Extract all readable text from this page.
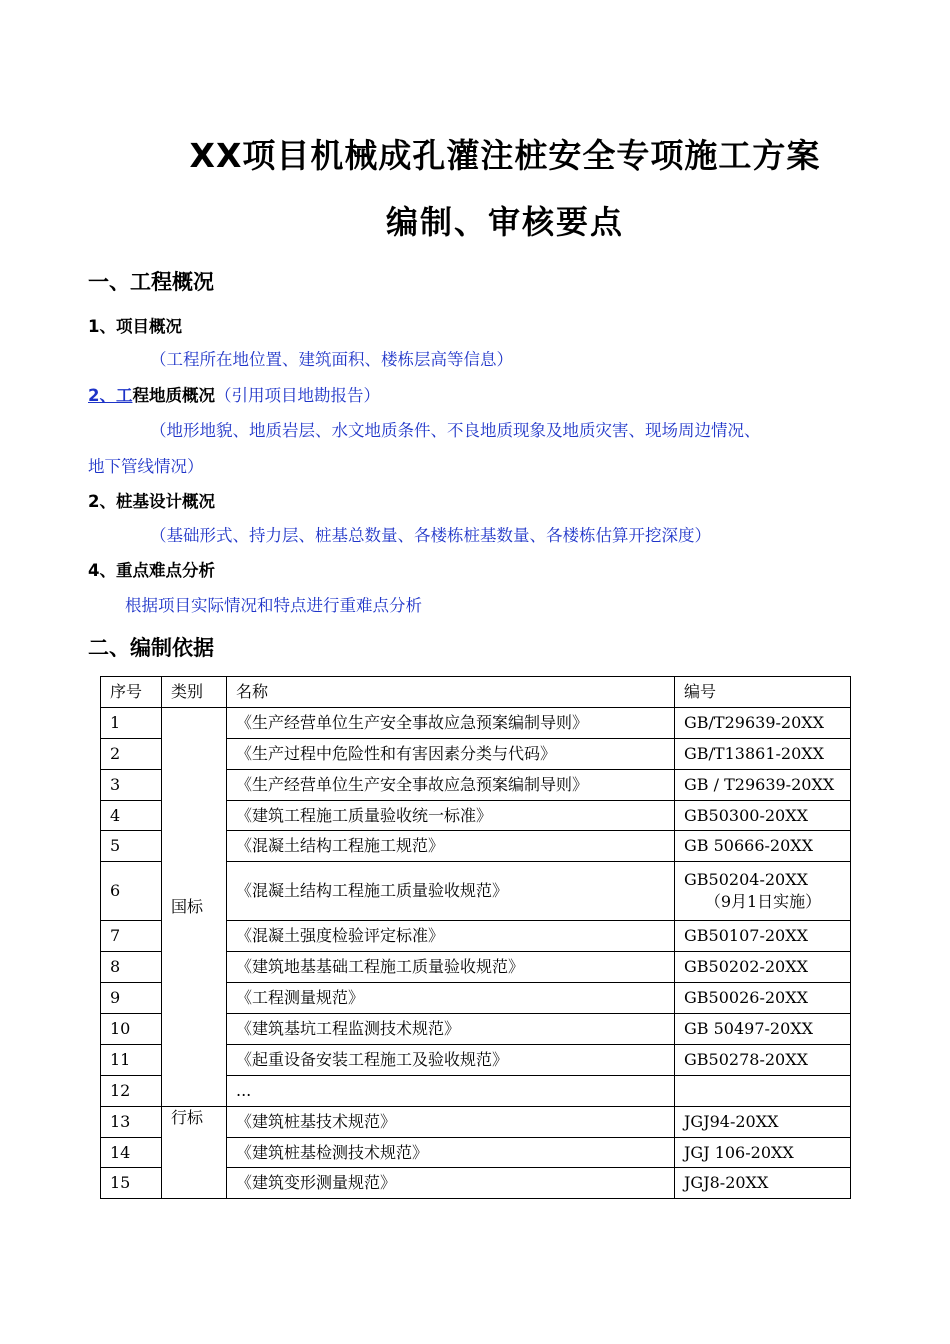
XX项目机械成孔灌注桩安全专项施工方案
编制、审核要点
一、工程概况
1、项目概况
（工程所在地位置、建筑面积、楼栋层高等信息）
2、工程地质概况（引用项目地勘报告）
（地形地貌、地质岩层、水文地质条件、不良地质现象及地质灾害、现场周边情况、
地下管线情况）
2、桩基设计概况
（基础形式、持力层、桩基总数量、各楼栋桩基数量、各楼栋估算开挖深度）
4、重点难点分析
根据项目实际情况和特点进行重难点分析
二、编制依据
序号	类别	名称	编号
1	国标	《生产经营单位生产安全事故应急预案编制导则》	GB/T29639-20XX
2		《生产过程中危险性和有害因素分类与代码》	GB/T13861-20XX
3		《生产经营单位生产安全事故应急预案编制导则》	GB / T29639-20XX
4		《建筑工程施工质量验收统一标准》	GB50300-20XX
5		《混凝土结构工程施工规范》	GB 50666-20XX
6		《混凝土结构工程施工质量验收规范》	GB50204-20XX
（9月1日实施）

7		《混凝土强度检验评定标准》	GB50107-20XX
8		《建筑地基基础工程施工质量验收规范》	GB50202-20XX
9		《工程测量规范》	GB50026-20XX
10		《建筑基坑工程监测技术规范》	GB 50497-20XX
11		《起重设备安装工程施工及验收规范》	GB50278-20XX
12		...	
13	行标	《建筑桩基技术规范》	JGJ94-20XX
14		《建筑桩基检测技术规范》	JGJ 106-20XX
15		《建筑变形测量规范》	JGJ8-20XX
